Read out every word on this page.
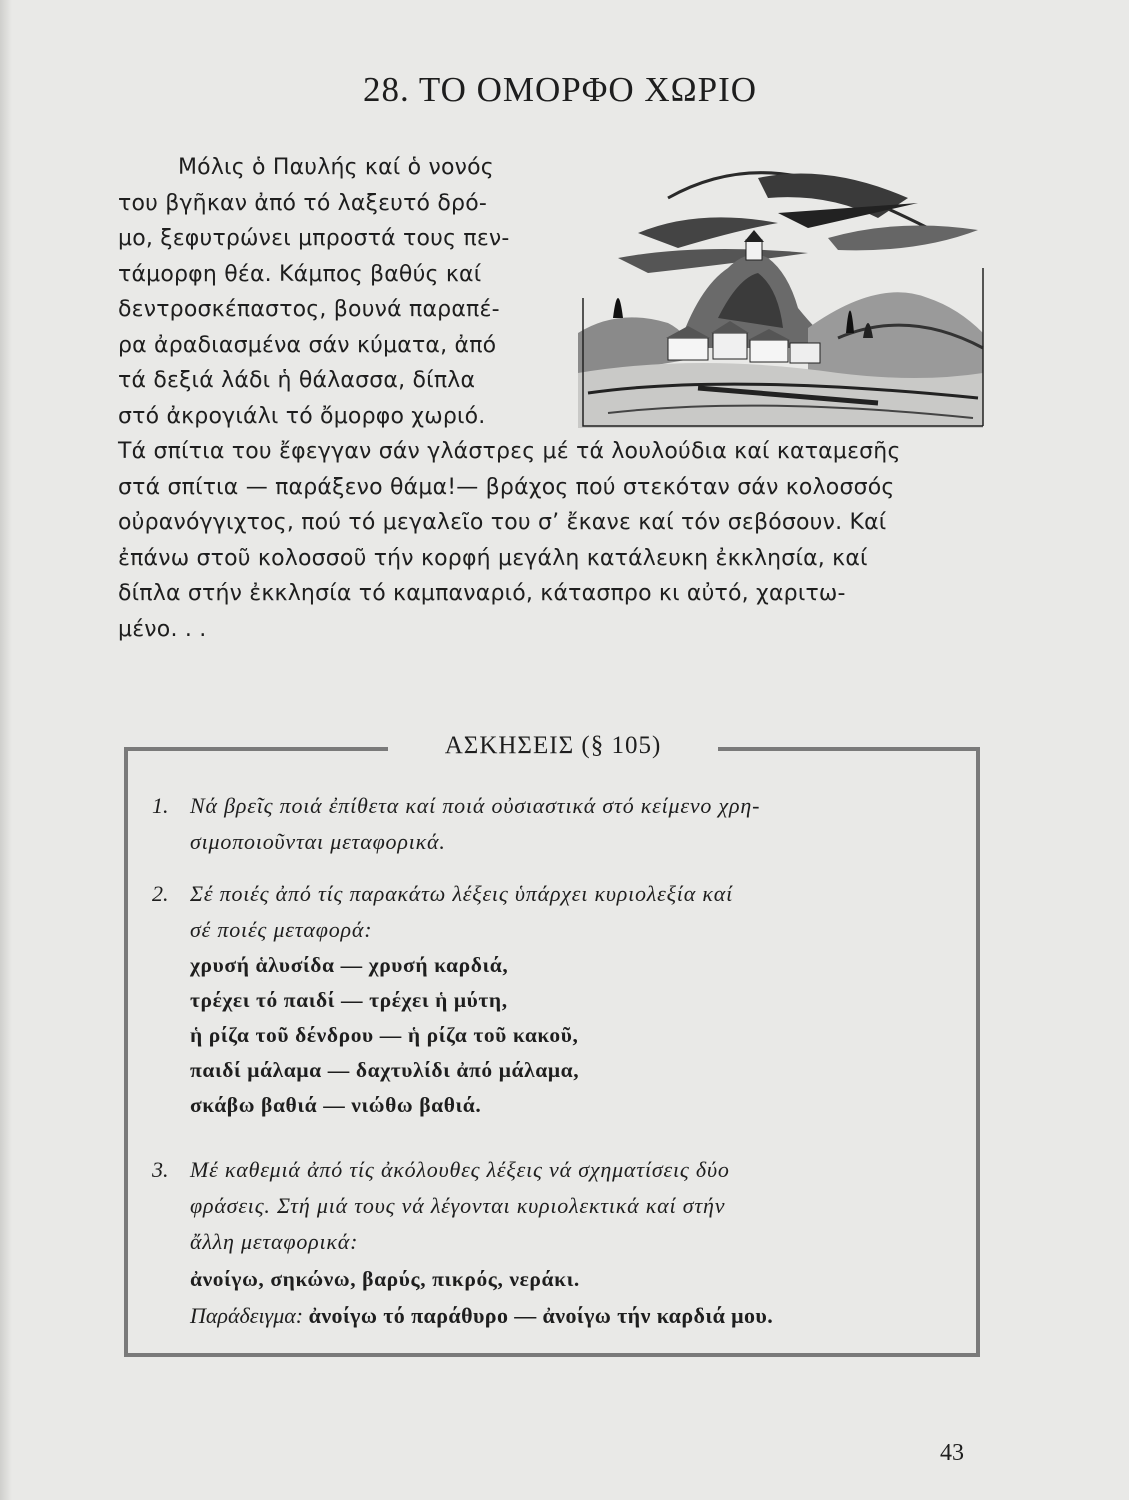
28. ΤΟ ΟΜΟΡΦΟ ΧΩΡΙΟ
Μόλις ὁ Παυλής καί ὁ νονός
του βγῆκαν ἀπό τό λαξευτό δρό-
μο, ξεφυτρώνει μπροστά τους πεν-
τάμορφη θέα. Κάμπος βαθύς καί
δεντροσκέπαστος, βουνά παραπέ-
ρα ἀραδιασμένα σάν κύματα, ἀπό
τά δεξιά λάδι ἡ θάλασσα, δίπλα
στό ἀκρογιάλι τό ὄμορφο χωριό.
Τά σπίτια του ἔφεγγαν σάν γλάστρες μέ τά λουλούδια καί καταμεσῆς
στά σπίτια — παράξενο θάμα!— βράχος πού στεκόταν σάν κολοσσός
οὐρανόγγιχτος, πού τό μεγαλεῖο του σ’ ἔκανε καί τόν σεβόσουν. Καί
ἐπάνω στοῦ κολοσσοῦ τήν κορφή μεγάλη κατάλευκη ἐκκλησία, καί
δίπλα στήν ἐκκλησία τό καμπαναριό, κάτασπρο κι αὐτό, χαριτω-
μένο. . .
ΑΣΚΗΣΕΙΣ (§ 105)
1. Νά βρεῖς ποιά ἐπίθετα καί ποιά οὐσιαστικά στό κείμενο χρη-
σιμοποιοῦνται μεταφορικά.
2. Σέ ποιές ἀπό τίς παρακάτω λέξεις ὑπάρχει κυριολεξία καί
σέ ποιές μεταφορά:
χρυσή ἁλυσίδα — χρυσή καρδιά,
τρέχει τό παιδί — τρέχει ἡ μύτη,
ἡ ρίζα τοῦ δένδρου — ἡ ρίζα τοῦ κακοῦ,
παιδί μάλαμα — δαχτυλίδι ἀπό μάλαμα,
σκάβω βαθιά — νιώθω βαθιά.
3. Μέ καθεμιά ἀπό τίς ἀκόλουθες λέξεις νά σχηματίσεις δύο
φράσεις. Στή μιά τους νά λέγονται κυριολεκτικά καί στήν
ἄλλη μεταφορικά:
ἀνοίγω, σηκώνω, βαρύς, πικρός, νεράκι.
Παράδειγμα: ἀνοίγω τό παράθυρο — ἀνοίγω τήν καρδιά μου.
43
